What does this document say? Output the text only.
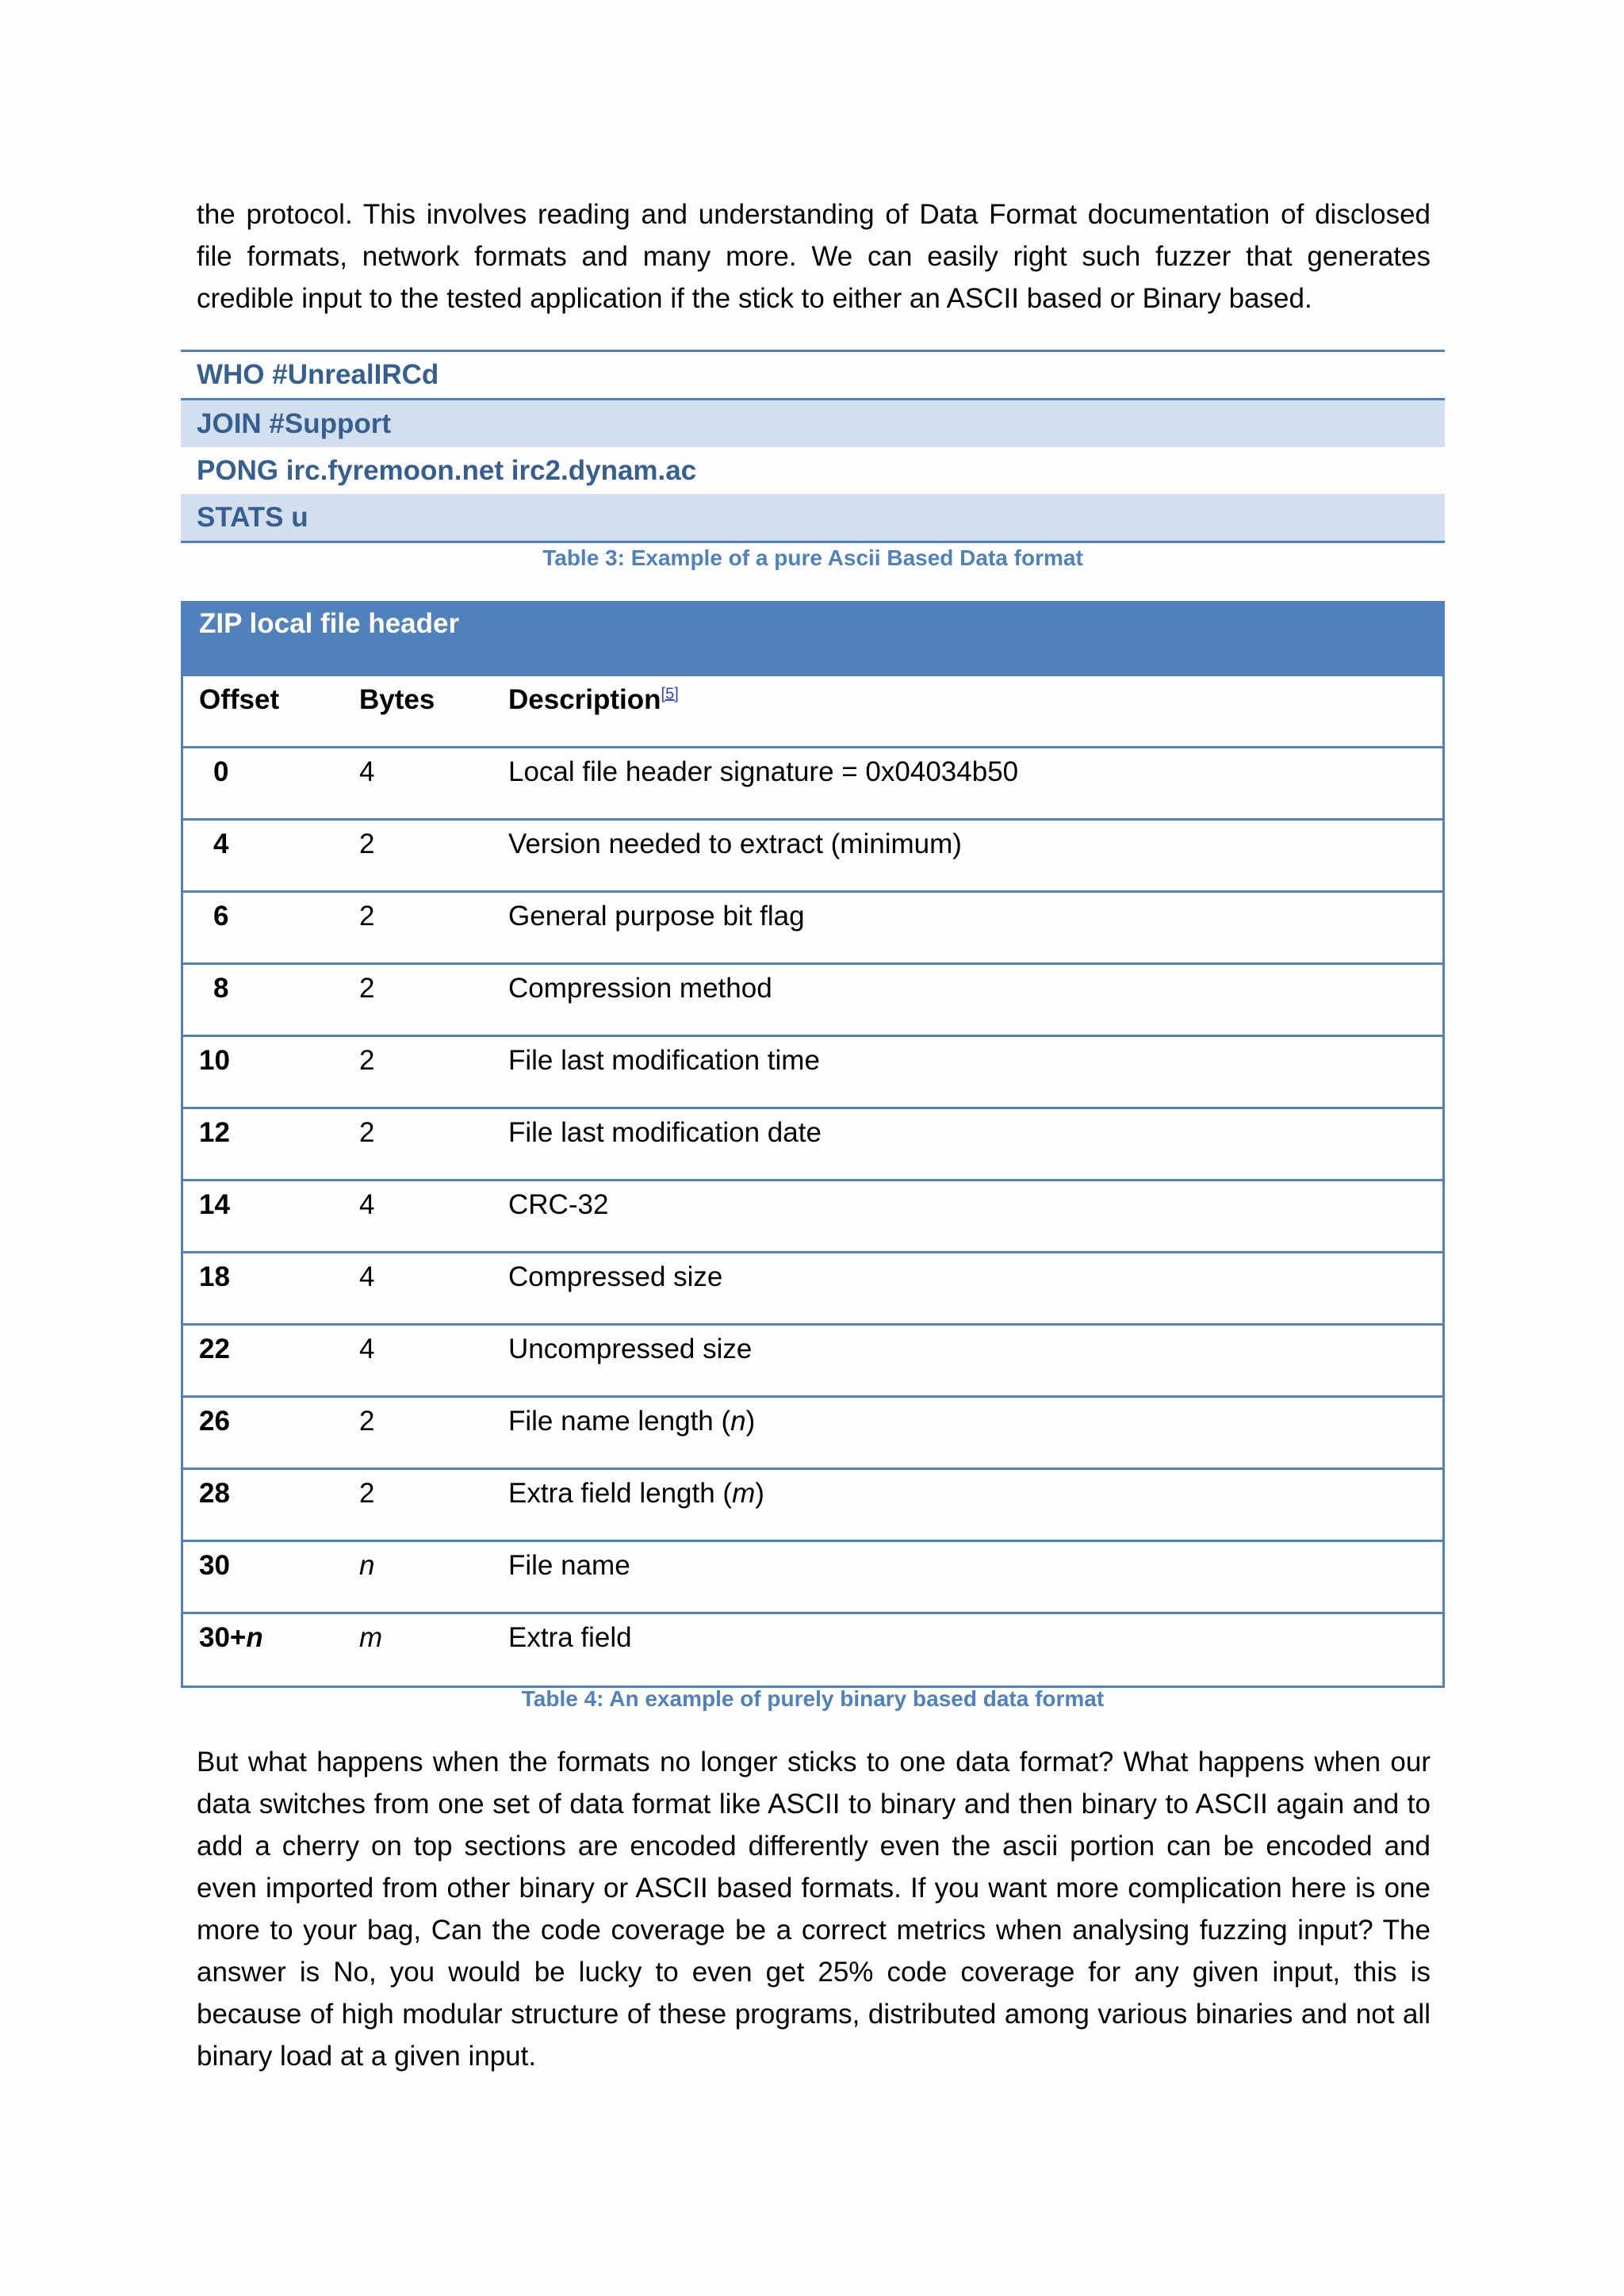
the protocol. This involves reading and understanding of Data Format documentation of disclosed file formats, network formats and many more. We can easily right such fuzzer that generates credible input to the tested application if the stick to either an ASCII based or Binary based.

WHO #UnrealIRCd
JOIN #Support
PONG irc.fyremoon.net irc2.dynam.ac
STATS u
Table 3: Example of a pure Ascii Based Data format
ZIP local file header
Offset	Bytes	Description[5]
0	4	Local file header signature = 0x04034b50
4	2	Version needed to extract (minimum)
6	2	General purpose bit flag
8	2	Compression method
10	2	File last modification time
12	2	File last modification date
14	4	CRC-32
18	4	Compressed size
22	4	Uncompressed size
26	2	File name length (n)
28	2	Extra field length (m)
30	n	File name
30+n	m	Extra field
Table 4: An example of purely binary based data format

But what happens when the formats no longer sticks to one data format? What happens when our data switches from one set of data format like ASCII to binary and then binary to ASCII again and to add a cherry on top sections are encoded differently even the ascii portion can be encoded and even imported from other binary or ASCII based formats. If you want more complication here is one more to your bag, Can the code coverage be a correct metrics when analysing fuzzing input? The answer is No, you would be lucky to even get 25% code coverage for any given input, this is because of high modular structure of these programs, distributed among various binaries and not all binary load at a given input.
